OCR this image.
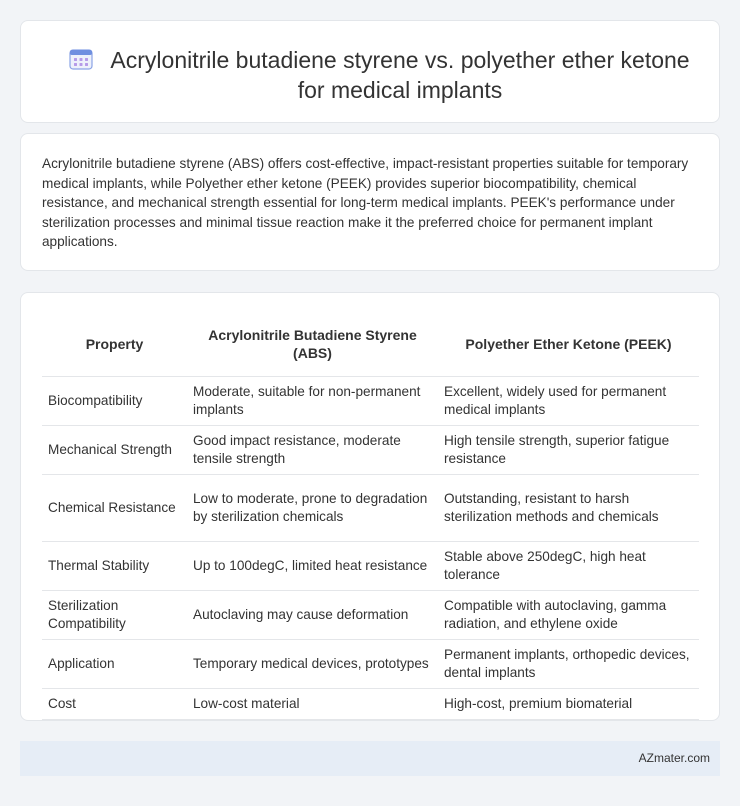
Acrylonitrile butadiene styrene vs. polyether ether ketone for medical implants

Acrylonitrile butadiene styrene (ABS) offers cost-effective, impact-resistant properties suitable for temporary medical implants, while Polyether ether ketone (PEEK) provides superior biocompatibility, chemical resistance, and mechanical strength essential for long-term medical implants. PEEK's performance under sterilization processes and minimal tissue reaction make it the preferred choice for permanent implant applications.

Property	Acrylonitrile Butadiene Styrene (ABS)	Polyether Ether Ketone (PEEK)
Biocompatibility	Moderate, suitable for non-permanent implants	Excellent, widely used for permanent medical implants
Mechanical Strength	Good impact resistance, moderate tensile strength	High tensile strength, superior fatigue resistance
Chemical Resistance	Low to moderate, prone to degradation by sterilization chemicals	Outstanding, resistant to harsh sterilization methods and chemicals
Thermal Stability	Up to 100degC, limited heat resistance	Stable above 250degC, high heat tolerance
Sterilization Compatibility	Autoclaving may cause deformation	Compatible with autoclaving, gamma radiation, and ethylene oxide
Application	Temporary medical devices, prototypes	Permanent implants, orthopedic devices, dental implants
Cost	Low-cost material	High-cost, premium biomaterial
AZmater.com
